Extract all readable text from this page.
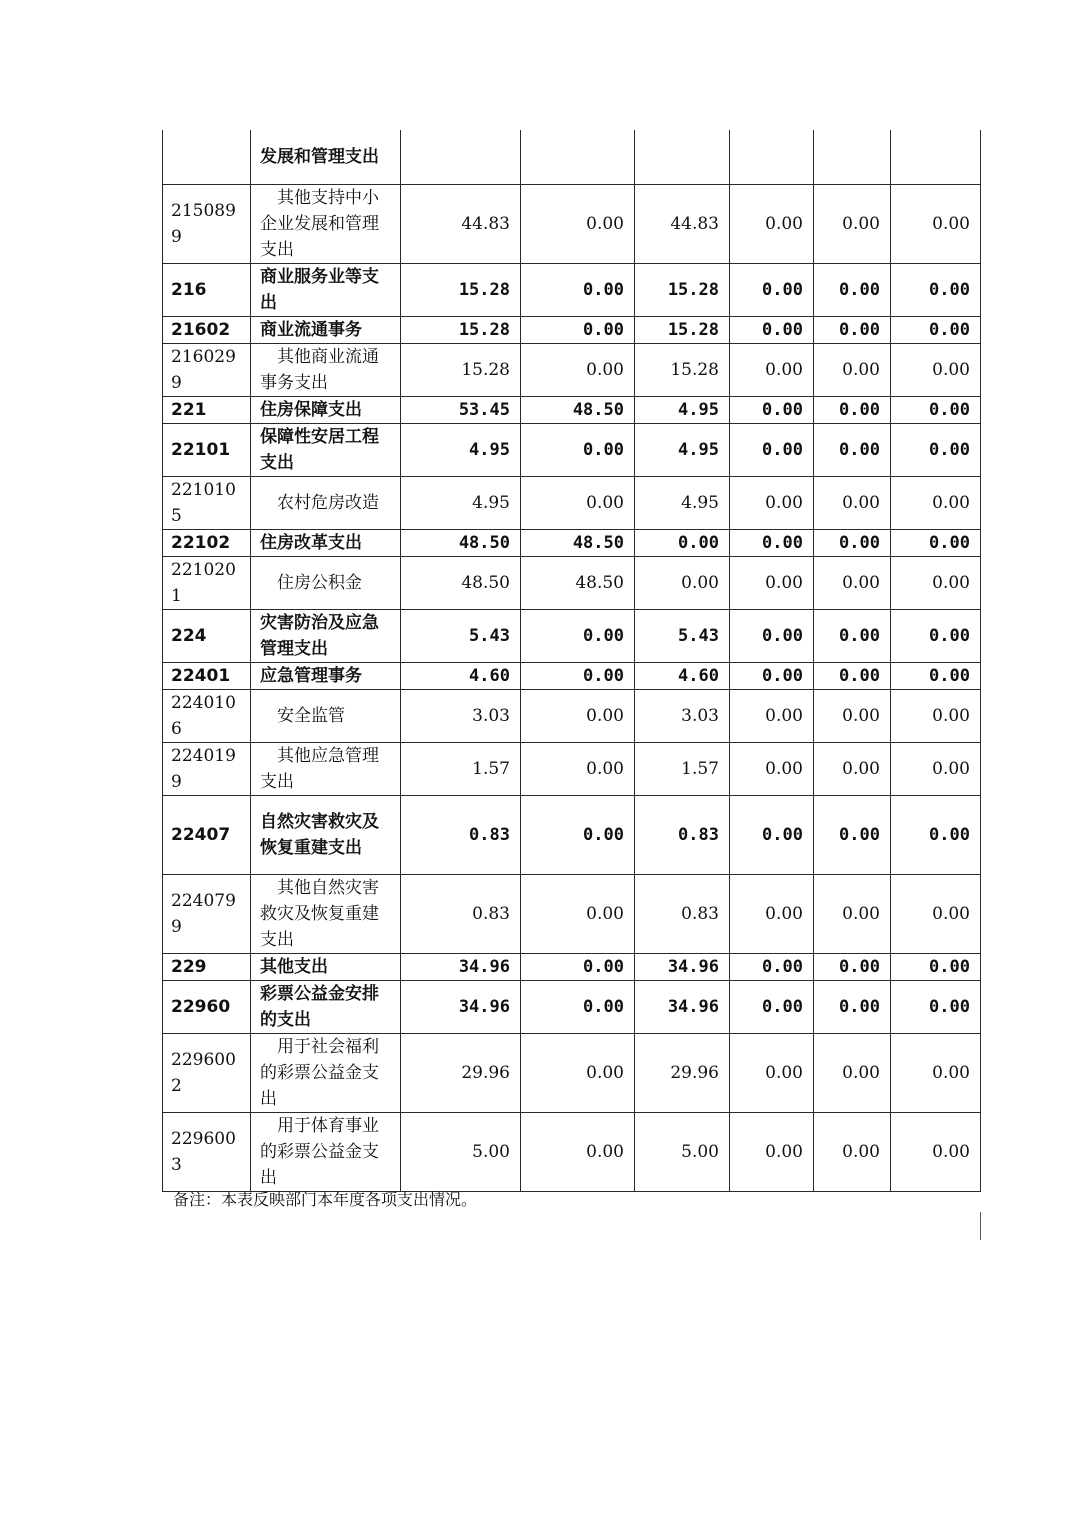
	发展和管理支出						
2150899	其他支持中小企业发展和管理支出	44.83	0.00	44.83	0.00	0.00	0.00
216	商业服务业等支出	15.28	0.00	15.28	0.00	0.00	0.00
21602	商业流通事务	15.28	0.00	15.28	0.00	0.00	0.00
2160299	其他商业流通事务支出	15.28	0.00	15.28	0.00	0.00	0.00
221	住房保障支出	53.45	48.50	4.95	0.00	0.00	0.00
22101	保障性安居工程支出	4.95	0.00	4.95	0.00	0.00	0.00
2210105	农村危房改造	4.95	0.00	4.95	0.00	0.00	0.00
22102	住房改革支出	48.50	48.50	0.00	0.00	0.00	0.00
2210201	住房公积金	48.50	48.50	0.00	0.00	0.00	0.00
224	灾害防治及应急管理支出	5.43	0.00	5.43	0.00	0.00	0.00
22401	应急管理事务	4.60	0.00	4.60	0.00	0.00	0.00
2240106	安全监管	3.03	0.00	3.03	0.00	0.00	0.00
2240199	其他应急管理支出	1.57	0.00	1.57	0.00	0.00	0.00
22407	自然灾害救灾及恢复重建支出	0.83	0.00	0.83	0.00	0.00	0.00
2240799	其他自然灾害救灾及恢复重建支出	0.83	0.00	0.83	0.00	0.00	0.00
229	其他支出	34.96	0.00	34.96	0.00	0.00	0.00
22960	彩票公益金安排的支出	34.96	0.00	34.96	0.00	0.00	0.00
2296002	用于社会福利的彩票公益金支出	29.96	0.00	29.96	0.00	0.00	0.00
2296003	用于体育事业的彩票公益金支出	5.00	0.00	5.00	0.00	0.00	0.00
备注：本表反映部门本年度各项支出情况。
